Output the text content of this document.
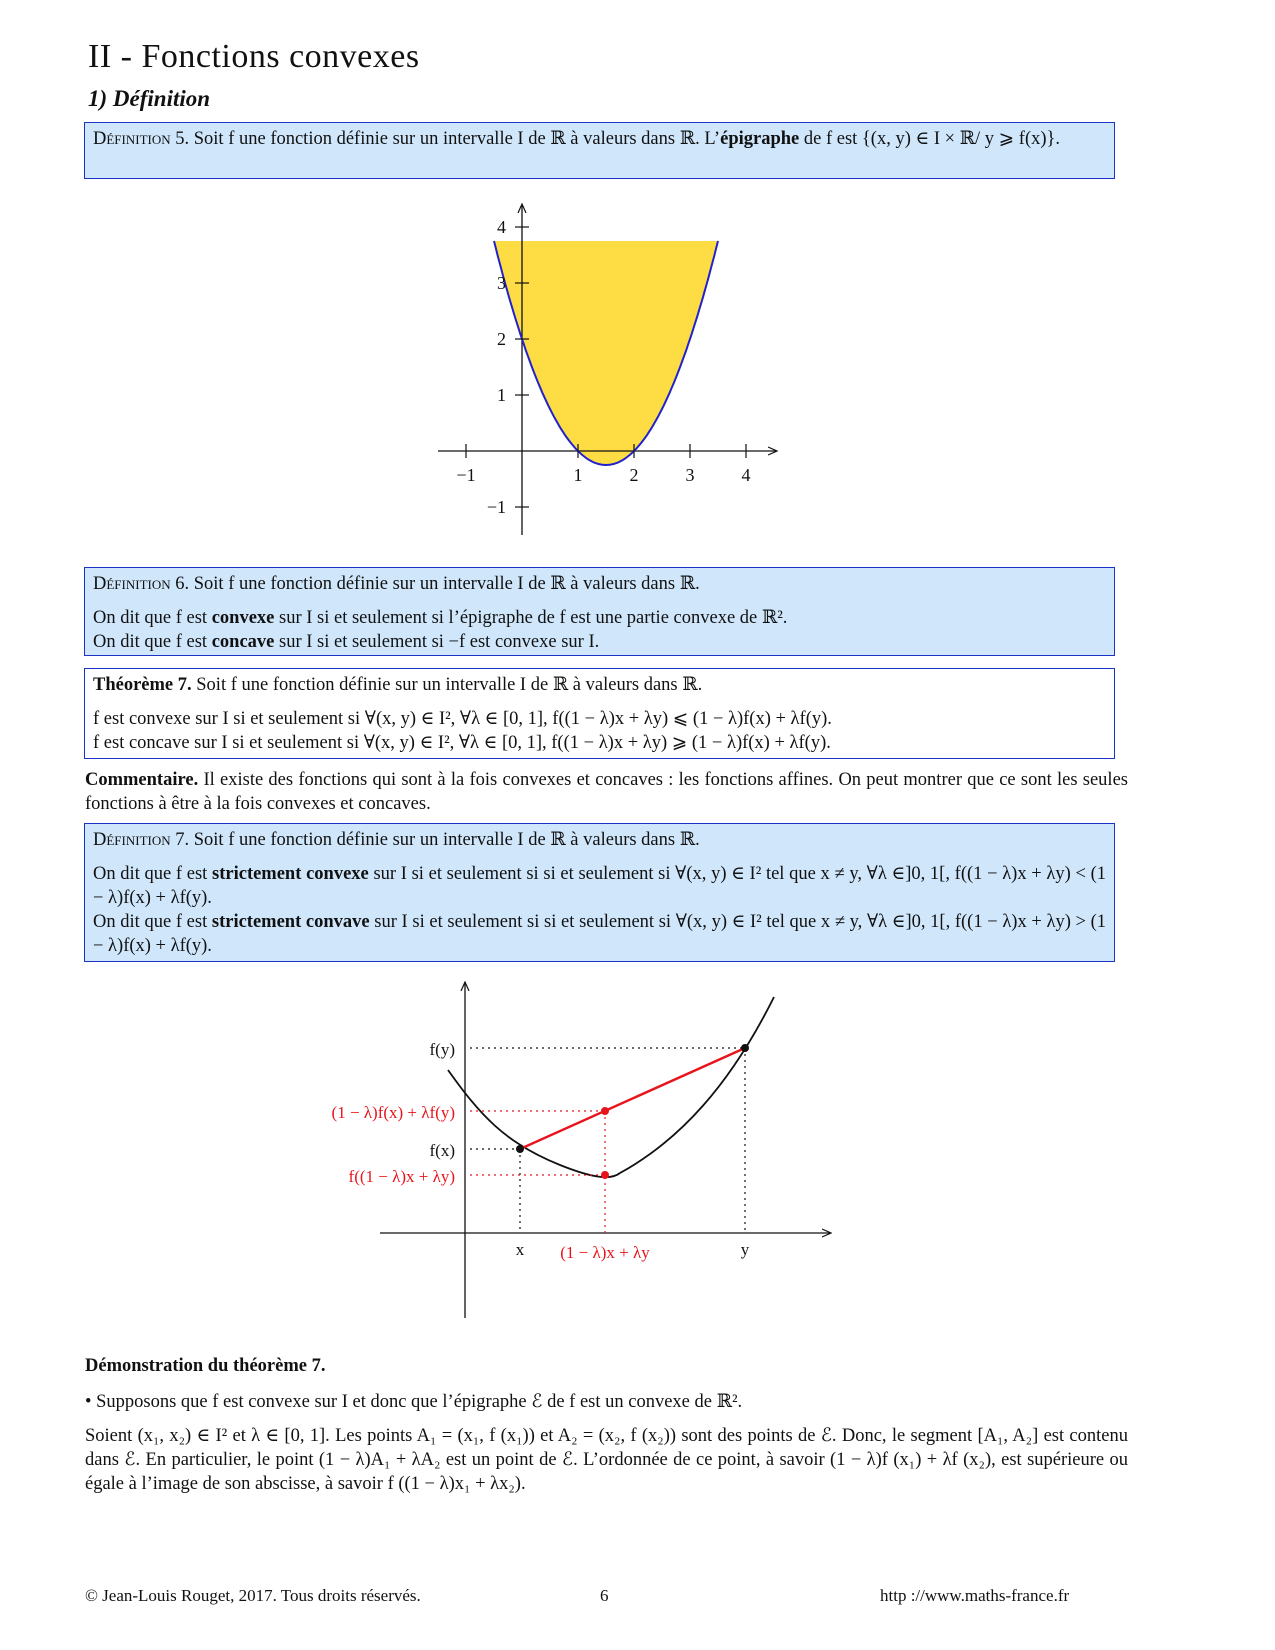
II - Fonctions convexes
1) Définition
Définition 5. Soit f une fonction définie sur un intervalle I de ℝ à valeurs dans ℝ. L’épigraphe de f est {(x, y) ∈ I × ℝ/ y ⩾ f(x)}.
−1	1	2	3	4
4
3
2
1
−1
Définition 6. Soit f une fonction définie sur un intervalle I de ℝ à valeurs dans ℝ.
On dit que f est convexe sur I si et seulement si l’épigraphe de f est une partie convexe de ℝ².
On dit que f est concave sur I si et seulement si −f est convexe sur I.
Théorème 7. Soit f une fonction définie sur un intervalle I de ℝ à valeurs dans ℝ.
f est convexe sur I si et seulement si ∀(x, y) ∈ I², ∀λ ∈ [0, 1], f((1 − λ)x + λy) ⩽ (1 − λ)f(x) + λf(y).
f est concave sur I si et seulement si ∀(x, y) ∈ I², ∀λ ∈ [0, 1], f((1 − λ)x + λy) ⩾ (1 − λ)f(x) + λf(y).
Commentaire. Il existe des fonctions qui sont à la fois convexes et concaves : les fonctions affines. On peut montrer que ce sont les seules fonctions à être à la fois convexes et concaves.
Définition 7. Soit f une fonction définie sur un intervalle I de ℝ à valeurs dans ℝ.
On dit que f est strictement convexe sur I si et seulement si si et seulement si ∀(x, y) ∈ I² tel que x ≠ y, ∀λ ∈]0, 1[, f((1 − λ)x + λy) < (1 − λ)f(x) + λf(y).
On dit que f est strictement convave sur I si et seulement si si et seulement si ∀(x, y) ∈ I² tel que x ≠ y, ∀λ ∈]0, 1[, f((1 − λ)x + λy) > (1 − λ)f(x) + λf(y).
f(y)
(1 − λ)f(x) + λf(y)
f(x)
f((1 − λ)x + λy)
x (1 − λ)x + λy	y
Démonstration du théorème 7.
• Supposons que f est convexe sur I et donc que l’épigraphe ℰ de f est un convexe de ℝ².
Soient (x₁, x₂) ∈ I² et λ ∈ [0, 1]. Les points A₁ = (x₁, f (x₁)) et A₂ = (x₂, f (x₂)) sont des points de ℰ. Donc, le segment [A₁, A₂] est contenu dans ℰ. En particulier, le point (1 − λ)A₁ + λA₂ est un point de ℰ. L’ordonnée de ce point, à savoir (1 − λ)f (x₁) + λf (x₂), est supérieure ou égale à l’image de son abscisse, à savoir f ((1 − λ)x₁ + λx₂).
© Jean-Louis Rouget, 2017. Tous droits réservés.	6	http ://www.maths-france.fr
